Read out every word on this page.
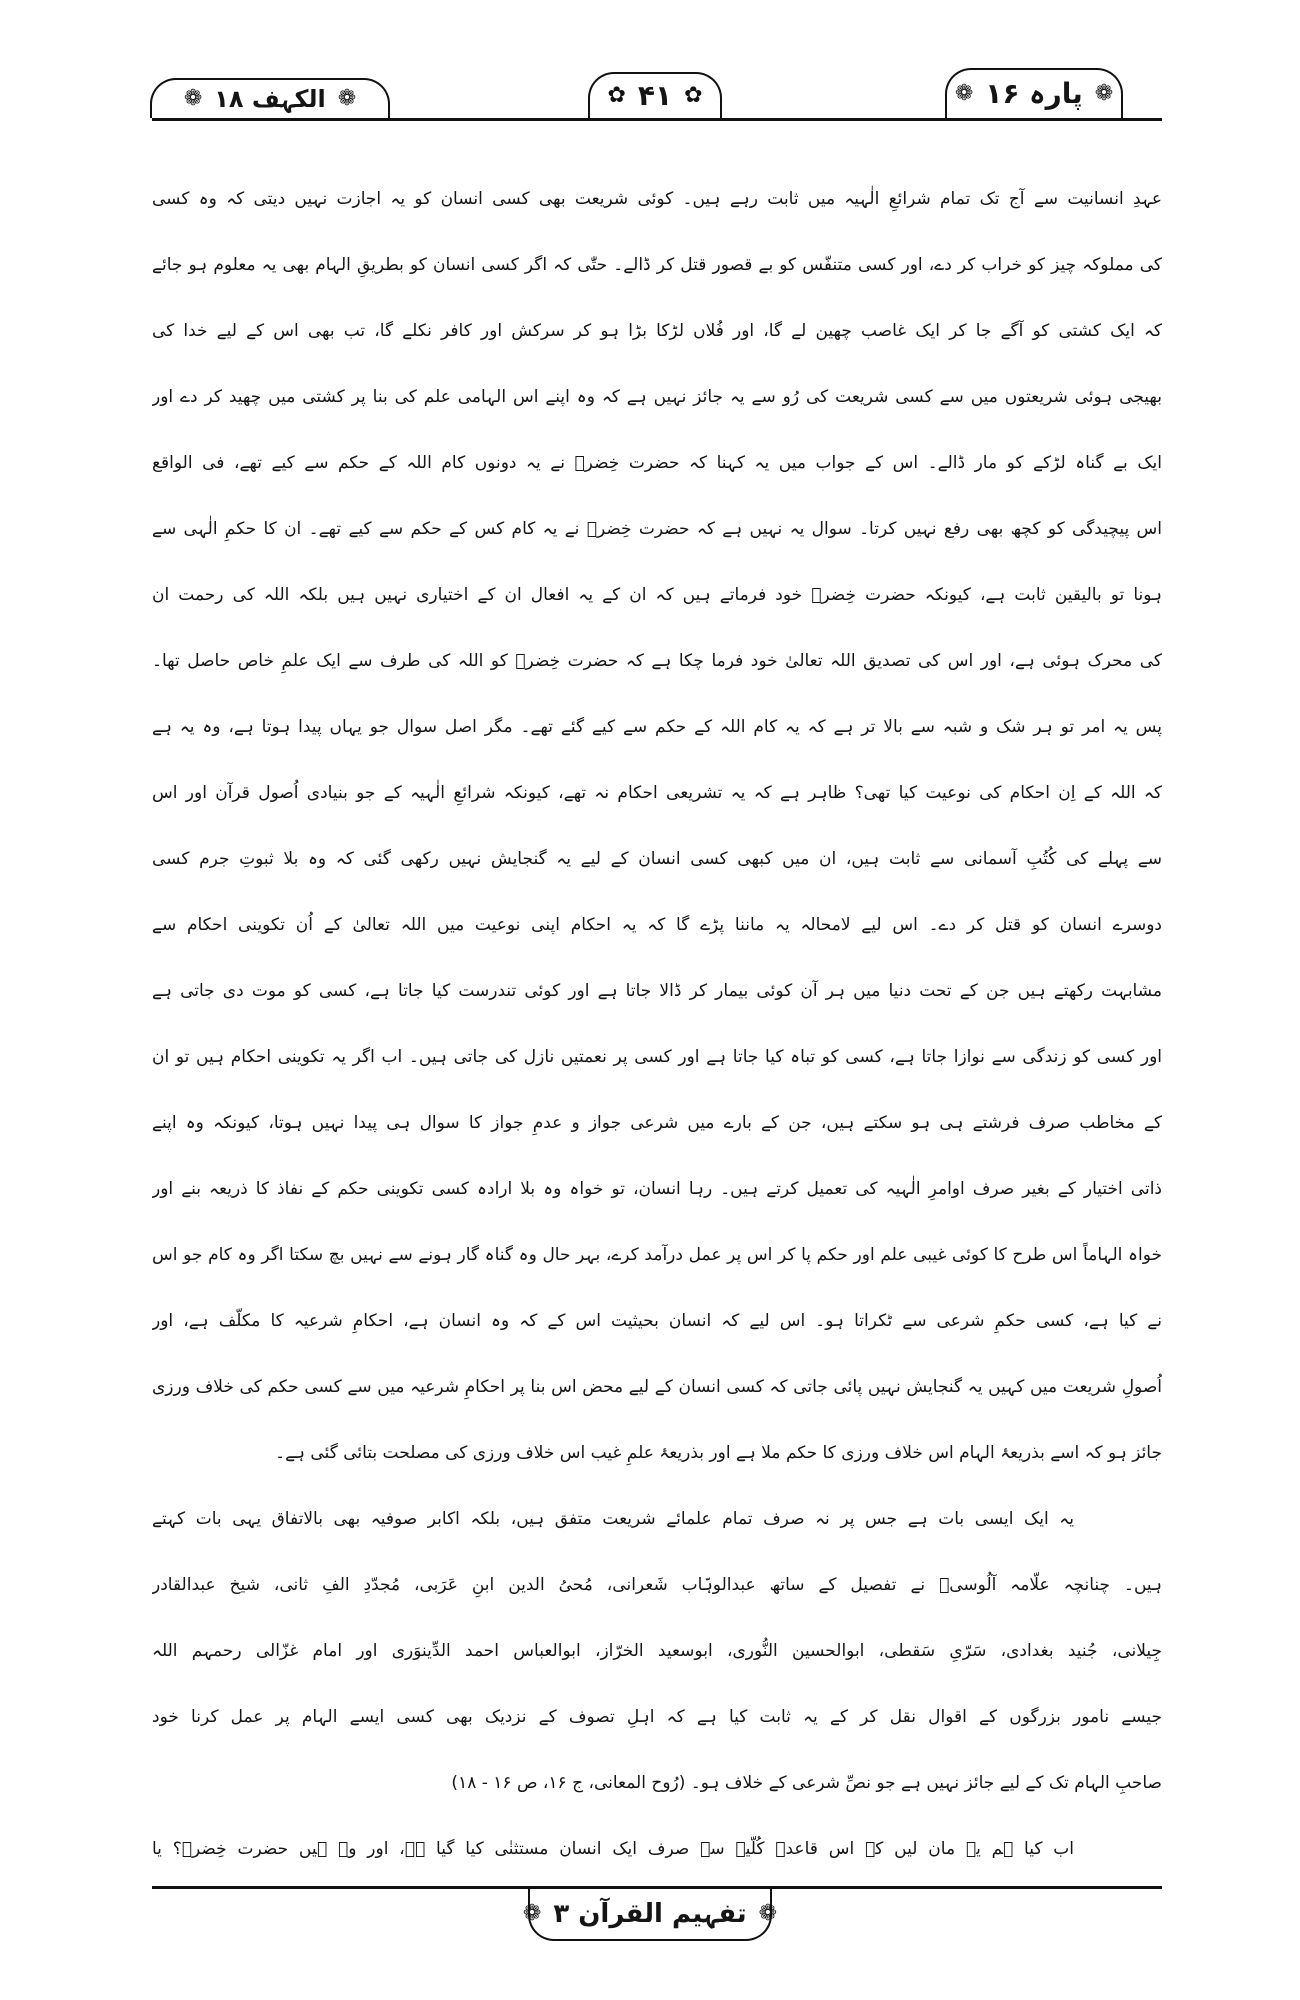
❁
پارہ ۱۶
❁
✿
۴۱
✿
❁
الکہف ۱۸
❁
عہدِ انسانیت سے آج تک تمام شرائعِ الٰہیہ میں ثابت رہے ہیں۔ کوئی شریعت بھی کسی انسان کو یہ اجازت نہیں دیتی کہ وہ کسی
کی مملوکہ چیز کو خراب کر دے، اور کسی متنفّس کو بے قصور قتل کر ڈالے۔ حتّٰی کہ اگر کسی انسان کو بطریقِ الہام بھی یہ معلوم ہو جائے
کہ ایک کشتی کو آگے جا کر ایک غاصب چھین لے گا، اور فُلاں لڑکا بڑا ہو کر سرکش اور کافر نکلے گا، تب بھی اس کے لیے خدا کی
بھیجی ہوئی شریعتوں میں سے کسی شریعت کی رُو سے یہ جائز نہیں ہے کہ وہ اپنے اس الہامی علم کی بنا پر کشتی میں چھید کر دے اور
ایک بے گناہ لڑکے کو مار ڈالے۔ اس کے جواب میں یہ کہنا کہ حضرت خِضرؑ نے یہ دونوں کام اللہ کے حکم سے کیے تھے، فی الواقع
اس پیچیدگی کو کچھ بھی رفع نہیں کرتا۔ سوال یہ نہیں ہے کہ حضرت خِضرؑ نے یہ کام کس کے حکم سے کیے تھے۔ ان کا حکمِ الٰہی سے
ہونا تو بالیقین ثابت ہے، کیونکہ حضرت خِضرؑ خود فرماتے ہیں کہ ان کے یہ افعال ان کے اختیاری نہیں ہیں بلکہ اللہ کی رحمت ان
کی محرک ہوئی ہے، اور اس کی تصدیق اللہ تعالیٰ خود فرما چکا ہے کہ حضرت خِضرؑ کو اللہ کی طرف سے ایک علمِ خاص حاصل تھا۔
پس یہ امر تو ہر شک و شبہ سے بالا تر ہے کہ یہ کام اللہ کے حکم سے کیے گئے تھے۔ مگر اصل سوال جو یہاں پیدا ہوتا ہے، وہ یہ ہے
کہ اللہ کے اِن احکام کی نوعیت کیا تھی؟ ظاہر ہے کہ یہ تشریعی احکام نہ تھے، کیونکہ شرائعِ الٰہیہ کے جو بنیادی اُصول قرآن اور اس
سے پہلے کی کُتُبِ آسمانی سے ثابت ہیں، ان میں کبھی کسی انسان کے لیے یہ گنجایش نہیں رکھی گئی کہ وہ بلا ثبوتِ جرم کسی
دوسرے انسان کو قتل کر دے۔ اس لیے لامحالہ یہ ماننا پڑے گا کہ یہ احکام اپنی نوعیت میں اللہ تعالیٰ کے اُن تکوینی احکام سے
مشابہت رکھتے ہیں جن کے تحت دنیا میں ہر آن کوئی بیمار کر ڈالا جاتا ہے اور کوئی تندرست کیا جاتا ہے، کسی کو موت دی جاتی ہے
اور کسی کو زندگی سے نوازا جاتا ہے، کسی کو تباہ کیا جاتا ہے اور کسی پر نعمتیں نازل کی جاتی ہیں۔ اب اگر یہ تکوینی احکام ہیں تو ان
کے مخاطب صرف فرشتے ہی ہو سکتے ہیں، جن کے بارے میں شرعی جواز و عدمِ جواز کا سوال ہی پیدا نہیں ہوتا، کیونکہ وہ اپنے
ذاتی اختیار کے بغیر صرف اوامرِ الٰہیہ کی تعمیل کرتے ہیں۔ رہا انسان، تو خواہ وہ بلا ارادہ کسی تکوینی حکم کے نفاذ کا ذریعہ بنے اور
خواہ الہاماً اس طرح کا کوئی غیبی علم اور حکم پا کر اس پر عمل درآمد کرے، بہر حال وہ گناہ گار ہونے سے نہیں بچ سکتا اگر وہ کام جو اس
نے کیا ہے، کسی حکمِ شرعی سے ٹکراتا ہو۔ اس لیے کہ انسان بحیثیت اس کے کہ وہ انسان ہے، احکامِ شرعیہ کا مکلّف ہے، اور
اُصولِ شریعت میں کہیں یہ گنجایش نہیں پائی جاتی کہ کسی انسان کے لیے محض اس بنا پر احکامِ شرعیہ میں سے کسی حکم کی خلاف ورزی
جائز ہو کہ اسے بذریعۂ الہام اس خلاف ورزی کا حکم ملا ہے اور بذریعۂ علمِ غیب اس خلاف ورزی کی مصلحت بتائی گئی ہے۔
یہ ایک ایسی بات ہے جس پر نہ صرف تمام علمائے شریعت متفق ہیں، بلکہ اکابر صوفیہ بھی بالاتفاق یہی بات کہتے
ہیں۔ چنانچہ علّامہ آلُوسیؒ نے تفصیل کے ساتھ عبدالوہّاب شَعرانی، مُحیُ الدین ابنِ عَرَبی، مُجدّدِ الفِ ثانی، شیخ عبدالقادر
جِیلانی، جُنید بغدادی، سَرّیِ سَقطی، ابوالحسین النُّوری، ابوسعید الخرّاز، ابوالعباس احمد الدِّینوَری اور امام غزّالی رحمہم اللہ
جیسے نامور بزرگوں کے اقوال نقل کر کے یہ ثابت کیا ہے کہ اہلِ تصوف کے نزدیک بھی کسی ایسے الہام پر عمل کرنا خود
صاحبِ الہام تک کے لیے جائز نہیں ہے جو نصِّ شرعی کے خلاف ہو۔ (رُوح المعانی، ج ۱۶، ص ۱۶ - ۱۸)
اب کیا ہم یہ مان لیں کہ اس قاعدۂ کُلّیہ سے صرف ایک انسان مستثنٰی کیا گیا ہے، اور وہ ہیں حضرت خِضرؑ؟ یا
❁
تفہیم القرآن ۳
❁
